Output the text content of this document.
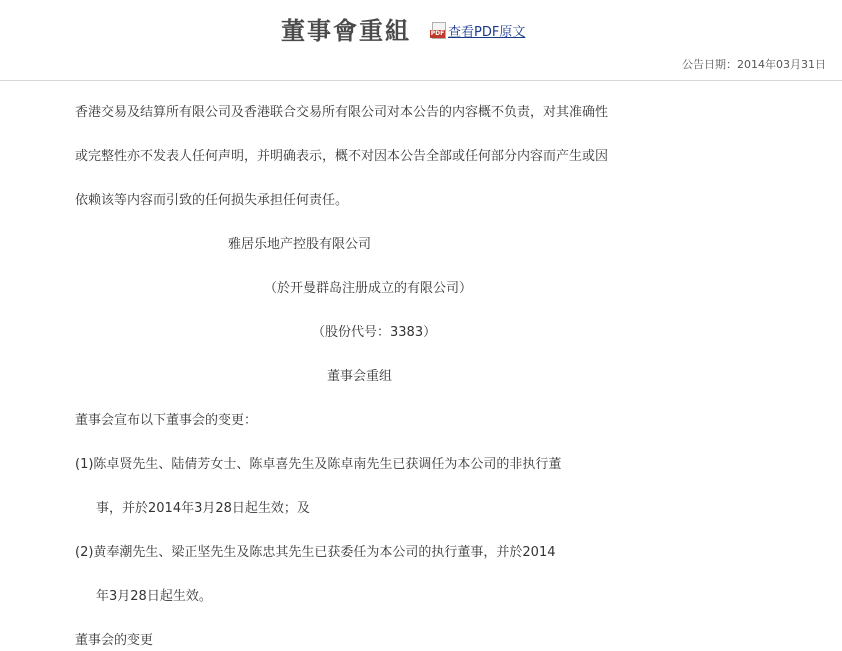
董事會重組	PDF 查看PDF原文
公告日期：2014年03月31日
香港交易及结算所有限公司及香港联合交易所有限公司对本公告的内容概不负责，对其准确性
或完整性亦不发表人任何声明，并明确表示，概不对因本公告全部或任何部分内容而产生或因
依赖该等内容而引致的任何损失承担任何责任。
雅居乐地产控股有限公司
（於开曼群岛注册成立的有限公司）
（股份代号：3383）
董事会重组
董事会宣布以下董事会的变更：
(1)陈卓贤先生、陆倩芳女士、陈卓喜先生及陈卓南先生已获调任为本公司的非执行董
事，并於2014年3月28日起生效；及
(2)黄奉潮先生、梁正坚先生及陈忠其先生已获委任为本公司的执行董事，并於2014
年3月28日起生效。
董事会的变更
